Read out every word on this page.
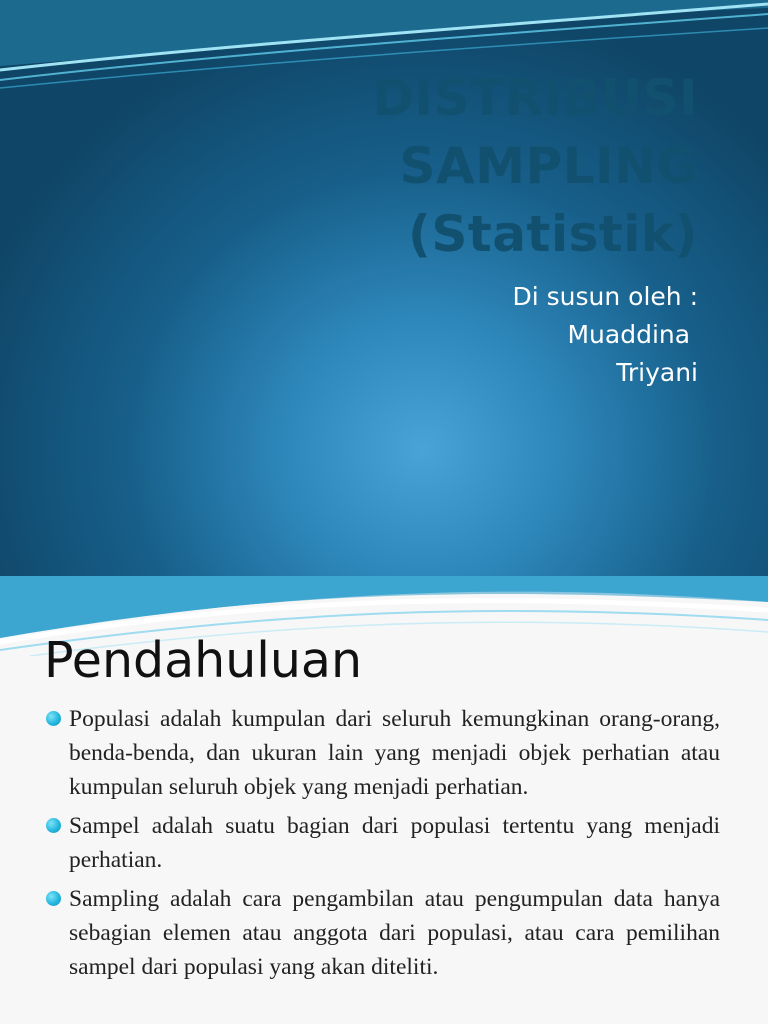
DISTRIBUSI
SAMPLING
(Statistik)
Di susun oleh :
Muaddina
Triyani
Pendahuluan
Populasi adalah kumpulan dari seluruh kemungkinan orang-orang, benda-benda, dan ukuran lain yang menjadi objek perhatian atau kumpulan seluruh objek yang menjadi perhatian.
Sampel adalah suatu bagian dari populasi tertentu yang menjadi perhatian.
Sampling adalah cara pengambilan atau pengumpulan data hanya sebagian elemen atau anggota dari populasi, atau cara pemilihan sampel dari populasi yang akan diteliti.
